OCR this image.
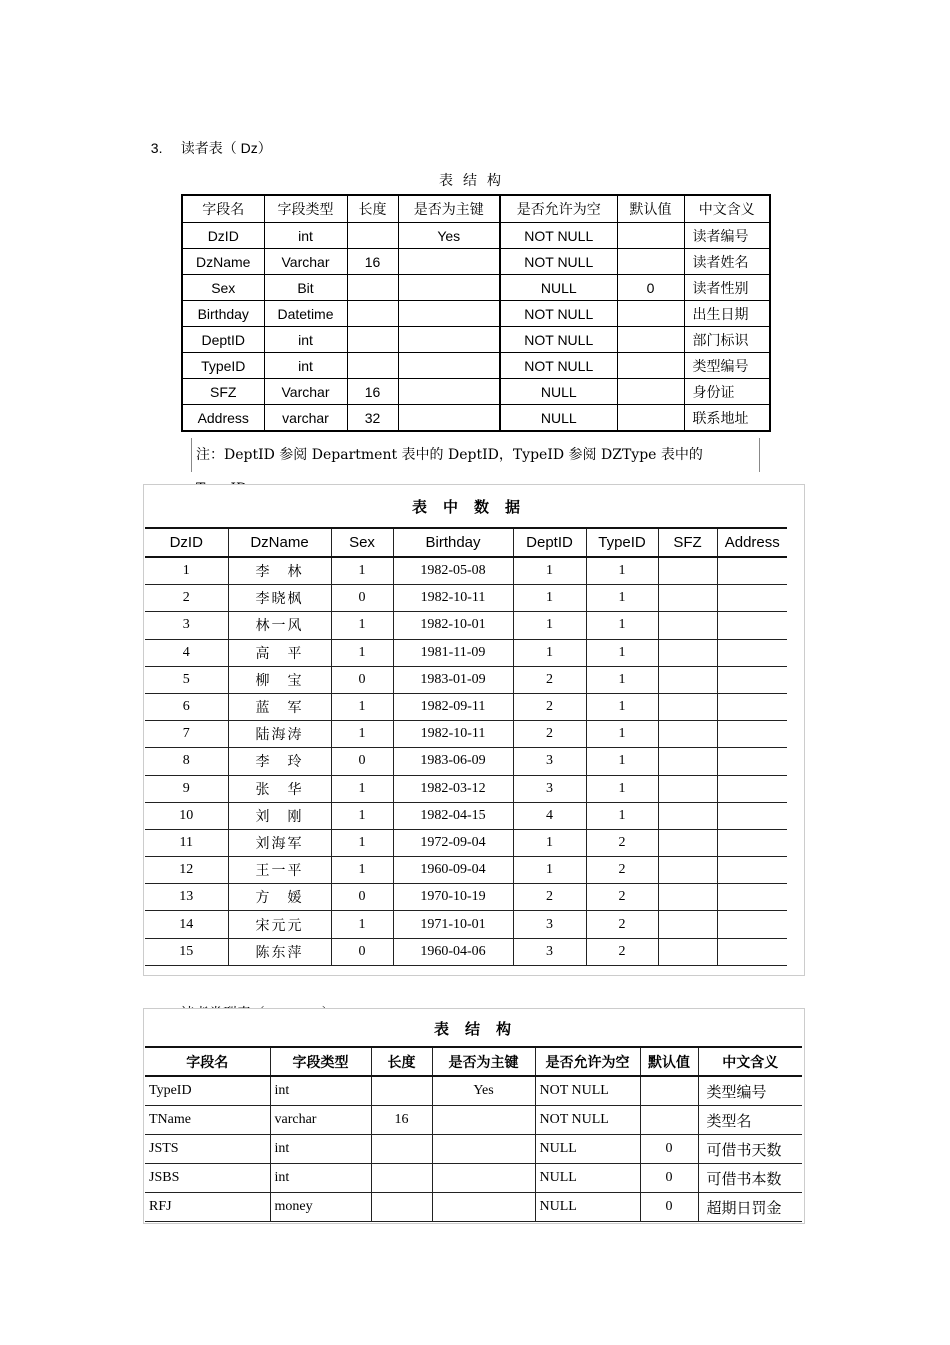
3. 读者表（ Dz）

表结构
字段名	字段类型	长度	是否为主键	是否允许为空	默认值	中文含义
DzID	int		Yes	NOT NULL		读者编号
DzName	Varchar	16		NOT NULL		读者姓名
Sex	Bit			NULL	0	读者性别
Birthday	Datetime			NOT NULL		出生日期
DeptID	int			NOT NULL		部门标识
TypeID	int			NOT NULL		类型编号
SFZ	Varchar	16		NULL		身份证
Address	varchar	32		NULL		联系地址
注：DeptID 参阅 Department 表中的 DeptID，TypeID 参阅 DZType 表中的
表中数据
DzID	DzName	Sex	Birthday	DeptID	TypeID	SFZ	Address
1	李　林	1	1982-05-08	1	1		
2	李晓枫	0	1982-10-11	1	1		
3	林一风	1	1982-10-01	1	1		
4	高　平	1	1981-11-09	1	1		
5	柳　宝	0	1983-01-09	2	1		
6	蓝　军	1	1982-09-11	2	1		
7	陆海涛	1	1982-10-11	2	1		
8	李　玲	0	1983-06-09	3	1		
9	张　华	1	1982-03-12	3	1		
10	刘　刚	1	1982-04-15	4	1		
11	刘海军	1	1972-09-04	1	2		
12	王一平	1	1960-09-04	1	2		
13	方　媛	0	1970-10-19	2	2		
14	宋元元	1	1971-10-01	3	2		
15	陈东萍	0	1960-04-06	3	2		

表结构
字段名	字段类型	长度	是否为主键	是否允许为空	默认值	中文含义
TypeID	int		Yes	NOT NULL		类型编号
TName	varchar	16		NOT NULL		类型名
JSTS	int			NULL	0	可借书天数
JSBS	int			NULL	0	可借书本数
RFJ	money			NULL	0	超期日罚金
